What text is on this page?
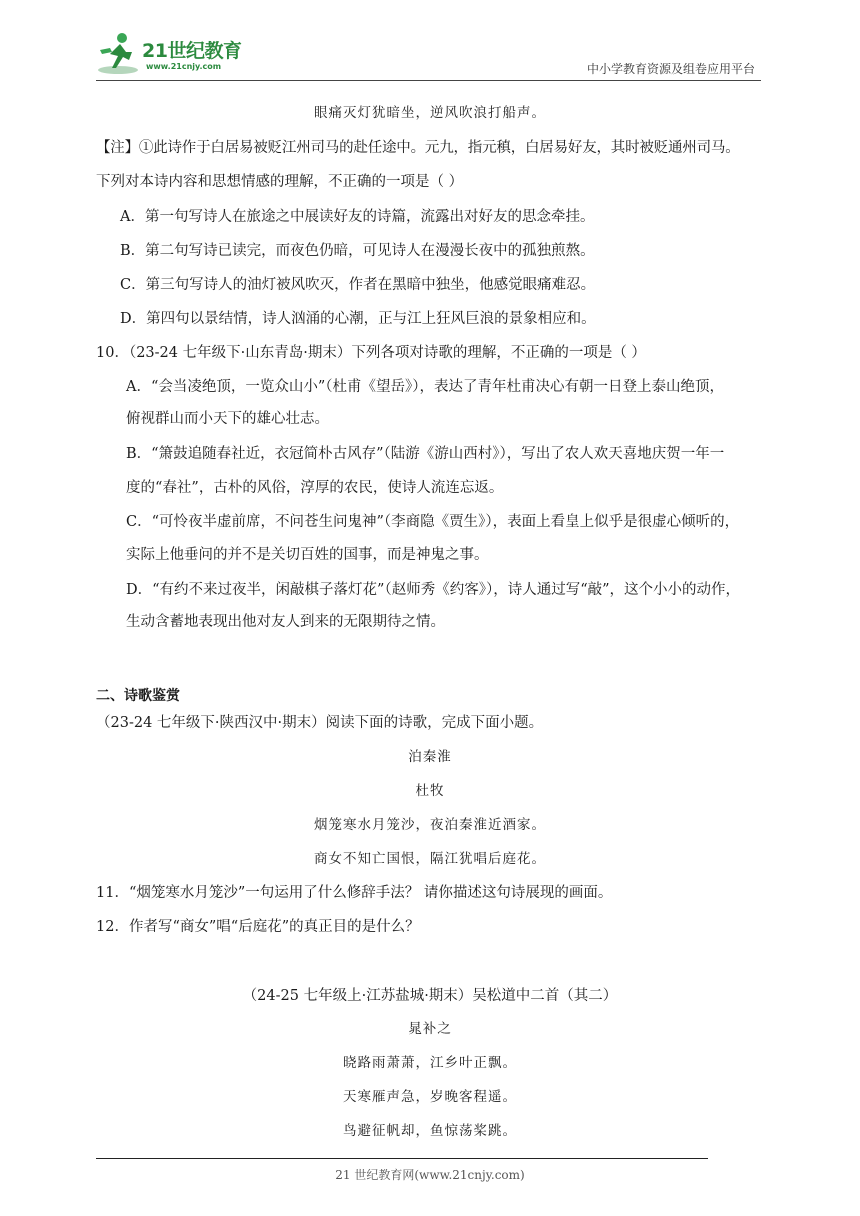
21世纪教育
www.21cnjy.com	中小学教育资源及组卷应用平台
眼痛灭灯犹暗坐，逆风吹浪打船声。
【注】①此诗作于白居易被贬江州司马的赴任途中。元九，指元稹，白居易好友，其时被贬通州司马。
下列对本诗内容和思想情感的理解，不正确的一项是（ ）
A．第一句写诗人在旅途之中展读好友的诗篇，流露出对好友的思念牵挂。
B．第二句写诗已读完，而夜色仍暗，可见诗人在漫漫长夜中的孤独煎熬。
C．第三句写诗人的油灯被风吹灭，作者在黑暗中独坐，他感觉眼痛难忍。
D．第四句以景结情，诗人汹涌的心潮，正与江上狂风巨浪的景象相应和。
10．（23-24 七年级下·山东青岛·期末）下列各项对诗歌的理解，不正确的一项是（ ）
A．“会当凌绝顶，一览众山小”（杜甫《望岳》），表达了青年杜甫决心有朝一日登上泰山绝顶，
俯视群山而小天下的雄心壮志。
B．“箫鼓追随春社近，衣冠简朴古风存”（陆游《游山西村》），写出了农人欢天喜地庆贺一年一
度的“春社”，古朴的风俗，淳厚的农民，使诗人流连忘返。
C．“可怜夜半虚前席，不问苍生问鬼神”（李商隐《贾生》），表面上看皇上似乎是很虚心倾听的，
实际上他垂问的并不是关切百姓的国事，而是神鬼之事。
D．“有约不来过夜半，闲敲棋子落灯花”（赵师秀《约客》），诗人通过写“敲”，这个小小的动作，
生动含蓄地表现出他对友人到来的无限期待之情。
二、诗歌鉴赏
（23-24 七年级下·陕西汉中·期末）阅读下面的诗歌，完成下面小题。
泊秦淮
杜牧
烟笼寒水月笼沙，夜泊秦淮近酒家。
商女不知亡国恨，隔江犹唱后庭花。
11．“烟笼寒水月笼沙”一句运用了什么修辞手法？ 请你描述这句诗展现的画面。
12．作者写“商女”唱“后庭花”的真正目的是什么？
（24-25 七年级上·江苏盐城·期末）吴松道中二首（其二）
晁补之
晓路雨萧萧，江乡叶正飘。
天寒雁声急，岁晚客程遥。
鸟避征帆却，鱼惊荡桨跳。
21 世纪教育网(www.21cnjy.com)
